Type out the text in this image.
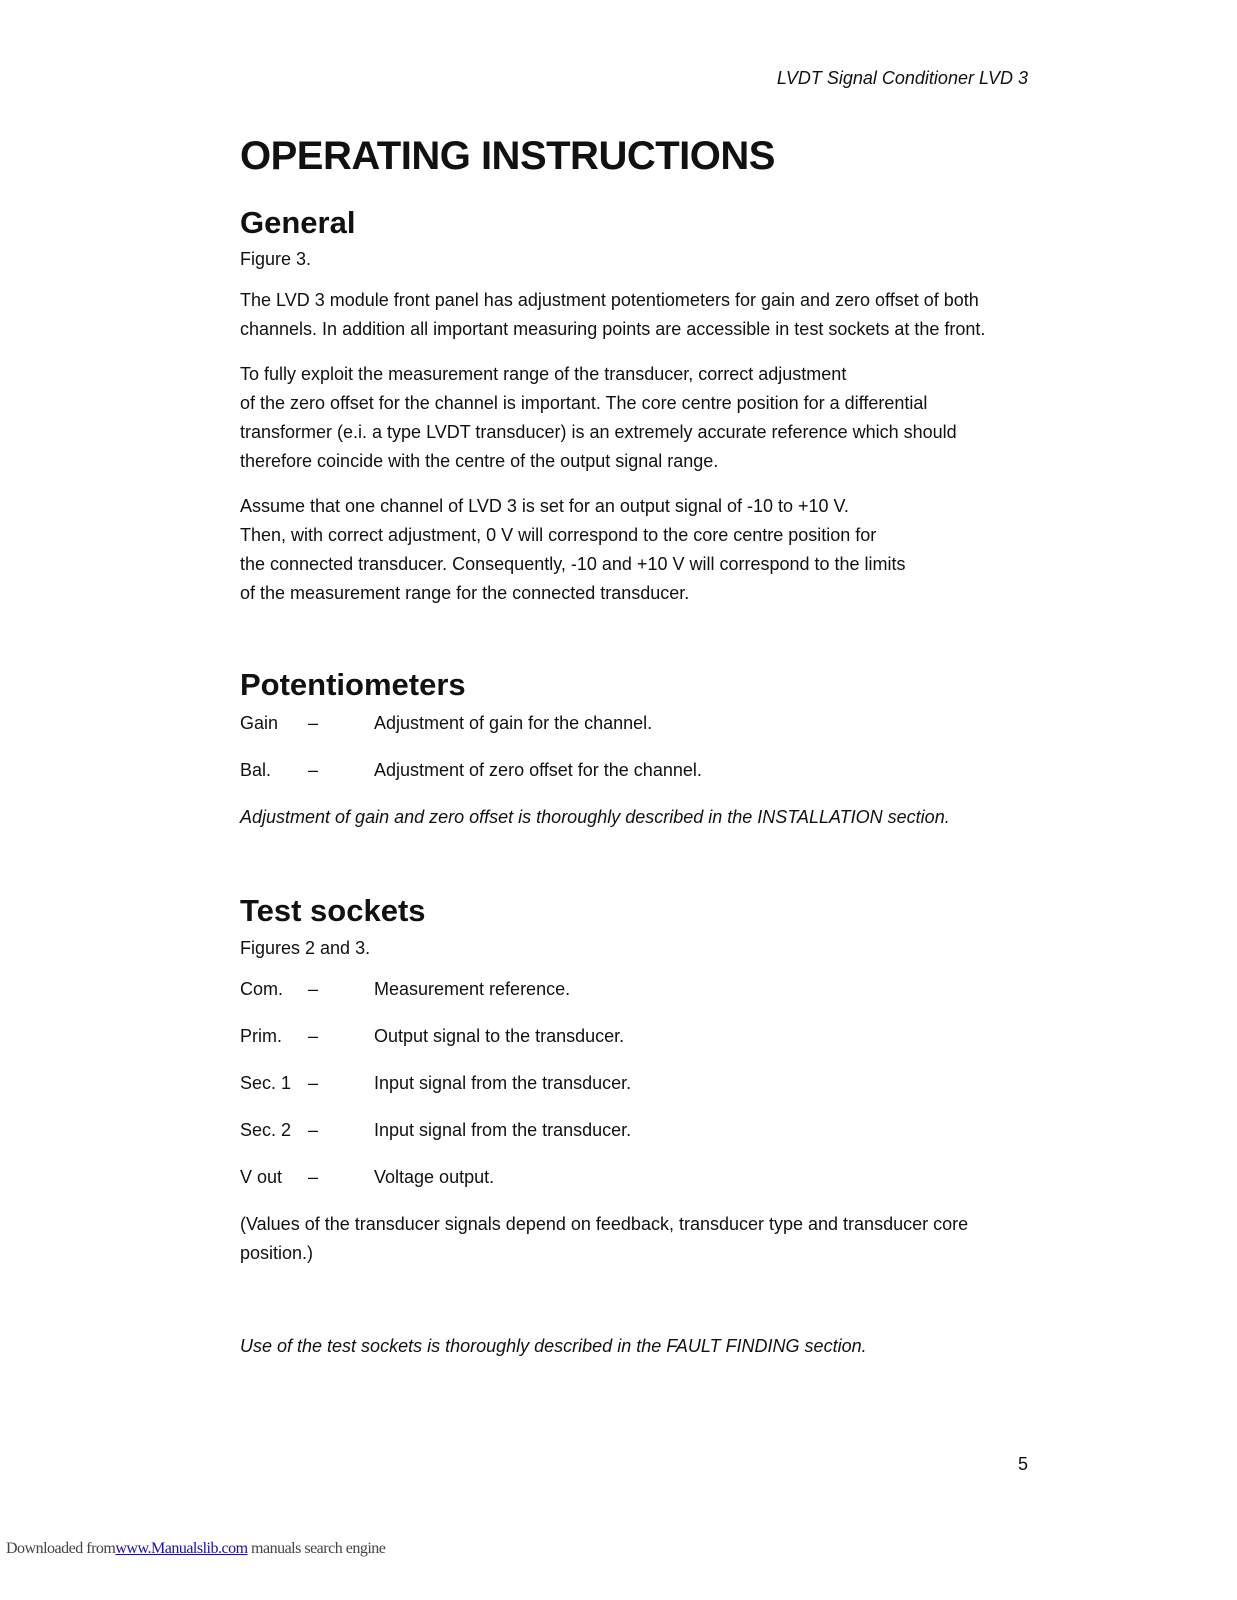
LVDT Signal Conditioner LVD 3
OPERATING INSTRUCTIONS
General

Figure 3.

The LVD 3 module front panel has adjustment potentiometers for gain and zero offset of both
channels. In addition all important measuring points are accessible in test sockets at the front.

To fully exploit the measurement range of the transducer, correct adjustment
of the zero offset for the channel is important. The core centre position for a differential
transformer (e.i. a type LVDT transducer) is an extremely accurate reference which should
therefore coincide with the centre of the output signal range.

Assume that one channel of LVD 3 is set for an output signal of -10 to +10 V.
Then, with correct adjustment, 0 V will correspond to the core centre position for
the connected transducer. Consequently, -10 and +10 V will correspond to the limits
of the measurement range for the connected transducer.

Potentiometers
Gain	–	Adjustment of gain for the channel.
Bal.	–	Adjustment of zero offset for the channel.

Adjustment of gain and zero offset is thoroughly described in the INSTALLATION section.

Test sockets

Figures 2 and 3.

Com.	–	Measurement reference.
Prim.	–	Output signal to the transducer.
Sec. 1 –	Input signal from the transducer.
Sec. 2 –	Input signal from the transducer.
V out	–	Voltage output.

(Values of the transducer signals depend on feedback, transducer type and transducer core
position.)

Use of the test sockets is thoroughly described in the FAULT FINDING section.

5
Downloaded fromwww.Manualslib.com manuals search engine
